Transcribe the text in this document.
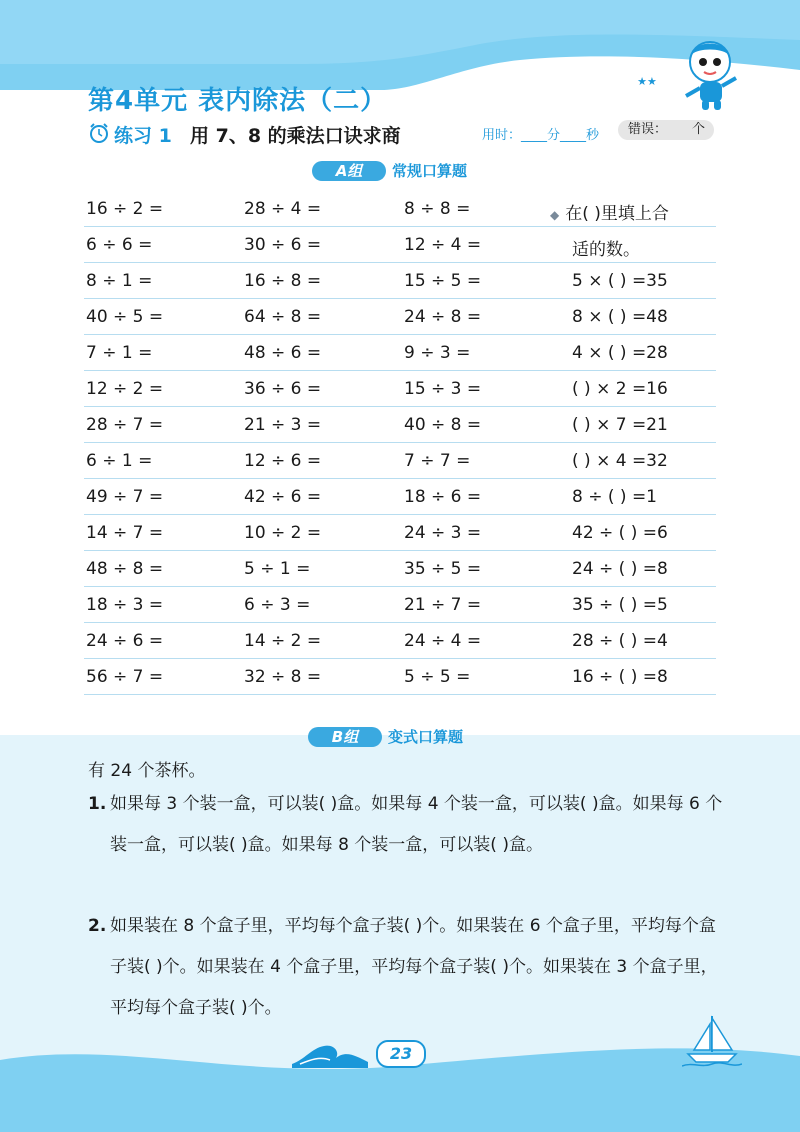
第4单元 表内除法（二）	难易等级： ★★
练习 1 用 7、8 的乘法口诀求商	用时：____分____秒 错误： 个
A组	常规口算题
16 ÷ 2 =	28 ÷ 4 =	8 ÷ 8 =	◆ 在( )里填上合
6 ÷ 6 =	30 ÷ 6 =	12 ÷ 4 =	适的数。
8 ÷ 1 =	16 ÷ 8 =	15 ÷ 5 =	5 × ( ) =35
40 ÷ 5 =	64 ÷ 8 =	24 ÷ 8 =	8 × ( ) =48
7 ÷ 1 =	48 ÷ 6 =	9 ÷ 3 =	4 × ( ) =28
12 ÷ 2 =	36 ÷ 6 =	15 ÷ 3 =	( ) × 2 =16
28 ÷ 7 =	21 ÷ 3 =	40 ÷ 8 =	( ) × 7 =21
6 ÷ 1 =	12 ÷ 6 =	7 ÷ 7 =	( ) × 4 =32
49 ÷ 7 =	42 ÷ 6 =	18 ÷ 6 =	8 ÷ ( ) =1
14 ÷ 7 =	10 ÷ 2 =	24 ÷ 3 =	42 ÷ ( ) =6
48 ÷ 8 =	5 ÷ 1 =	35 ÷ 5 =	24 ÷ ( ) =8
18 ÷ 3 =	6 ÷ 3 =	21 ÷ 7 =	35 ÷ ( ) =5
24 ÷ 6 =	14 ÷ 2 =	24 ÷ 4 =	28 ÷ ( ) =4
56 ÷ 7 =	32 ÷ 8 =	5 ÷ 5 =	16 ÷ ( ) =8
B组	变式口算题
有 24 个茶杯。
1. 如果每 3 个装一盒，可以装( )盒。如果每 4 个装一盒，可以装( )盒。如果每 6 个装一盒，可以装( )盒。如果每 8 个装一盒，可以装( )盒。
2. 如果装在 8 个盒子里，平均每个盒子装( )个。如果装在 6 个盒子里，平均每个盒子装( )个。如果装在 4 个盒子里，平均每个盒子装( )个。如果装在 3 个盒子里，平均每个盒子装( )个。
23
